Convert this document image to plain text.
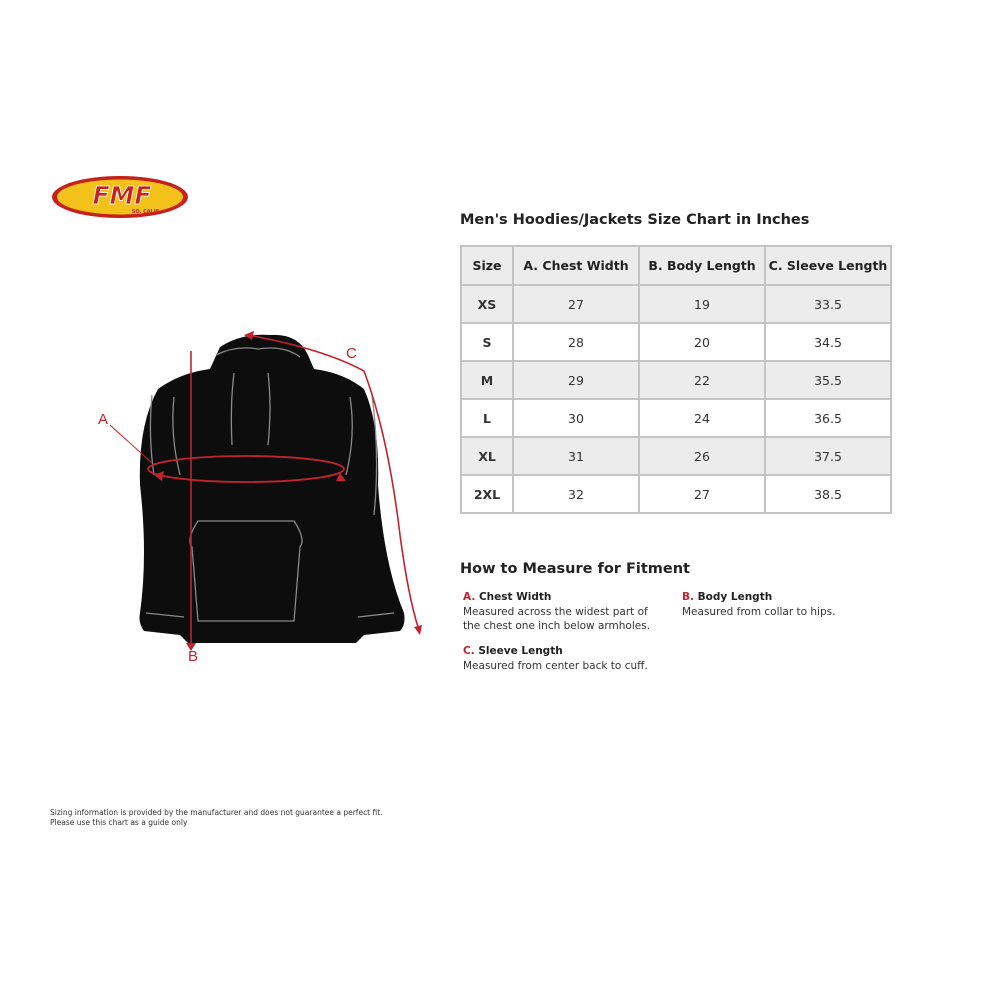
FMF
SO. CALIF.
A
B
C
Men's Hoodies/Jackets Size Chart in Inches
Size	A. Chest Width	B. Body Length	C. Sleeve Length
XS	27	19	33.5
S	28	20	34.5
M	29	22	35.5
L	30	24	36.5
XL	31	26	37.5
2XL	32	27	38.5
How to Measure for Fitment
A. Chest Width
Measured across the widest part of the chest one inch below armholes.
B. Body Length
Measured from collar to hips.
C. Sleeve Length
Measured from center back to cuff.
Sizing information is provided by the manufacturer and does not guarantee a perfect fit.
Please use this chart as a guide only
